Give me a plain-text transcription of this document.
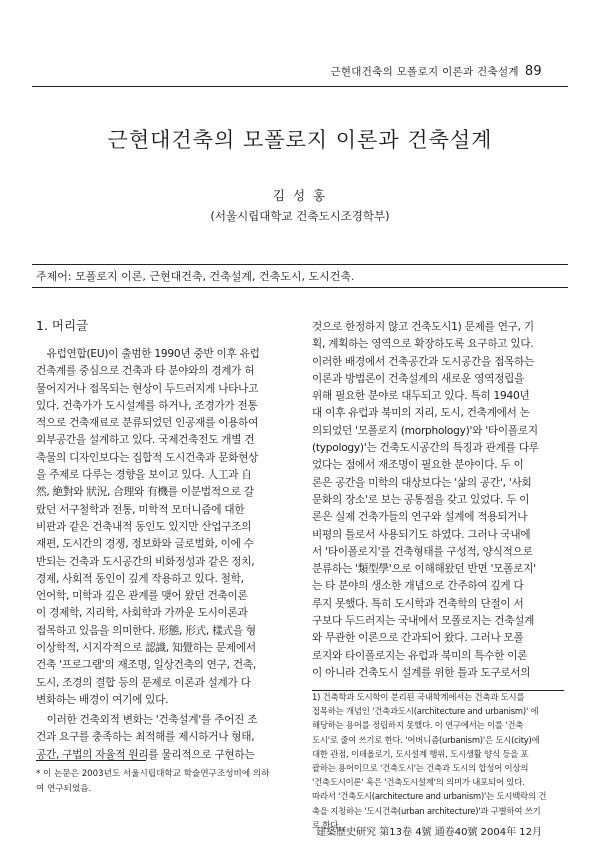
근현대건축의 모폴로지 이론과 건축설계 89
근현대건축의 모폴로지 이론과 건축설계
김 성 홍
(서울시립대학교 건축도시조경학부)
주제어: 모폴로지 이론, 근현대건축, 건축설계, 건축도시, 도시건축.
1. 머리글

유럽연합(EU)이 출범한 1990년 중반 이후 유럽

건축계를 중심으로 건축과 타 분야와의 경계가 허

물어지거나 접목되는 현상이 두드러지게 나타나고

있다. 건축가가 도시설계를 하거나, 조경가가 전통

적으로 건축재료로 분류되었던 인공재를 이용하여

외부공간을 설계하고 있다. 국제건축전도 개별 건

축물의 디자인보다는 집합적 도시건축과 문화현상

을 주제로 다루는 경향을 보이고 있다. 人工과 自

然, 絶對와 狀況, 合理와 有機를 이분법적으로 갈

랐던 서구철학과 전통, 미학적 모더니즘에 대한

비판과 같은 건축내적 동인도 있지만 산업구조의

재편, 도시간의 경쟁, 정보화와 글로벌화, 이에 수

반되는 건축과 도시공간의 비화정성과 같은 정치,

경제, 사회적 동인이 깊게 작용하고 있다. 철학,

언어학, 미학과 깊은 관계를 맺어 왔던 건축이론

이 경제학, 지리학, 사회학과 가까운 도시이론과

접목하고 있음을 의미한다. 形態, 形式, 樣式을 형

이상학적, 시지각적으로 認識, 知覺하는 문제에서

건축 '프로그램'의 재조명, 일상건축의 연구, 건축,

도시, 조경의 결합 등의 문제로 이론과 설계가 다

변화하는 배경이 여기에 있다.

이러한 건축외적 변화는 '건축설계'를 주어진 조

건과 요구를 충족하는 최적해를 제시하거나 형태,

공간, 구법의 자율적 원리를 물리적으로 구현하는

* 이 논문은 2003년도 서울시립대학교 학술연구조성비에 의하

여 연구되었음.

것으로 한정하지 않고 건축도시1) 문제를 연구, 기

획, 계획하는 영역으로 확장하도록 요구하고 있다.

이러한 배경에서 건축공간과 도시공간을 접목하는

이론과 방법론이 건축설계의 새로운 영역정립을

위해 필요한 분야로 대두되고 있다. 특히 1940년

대 이후 유럽과 북미의 지리, 도시, 건축계에서 논

의되었던 '모폴로지 (morphology)'와 '타이폴로지

(typology)'는 건축도시공간의 특징과 관계를 다루

었다는 점에서 재조명이 필요한 분야이다. 두 이

론은 공간을 미학의 대상보다는 '삶의 공간', '사회

문화의 장소'로 보는 공통점을 갖고 있었다. 두 이

론은 실제 건축가들의 연구와 설계에 적용되거나

비평의 틀로서 사용되기도 하였다. 그러나 국내에

서 '타이폴로지'를 건축형태를 구성적, 양식적으로

분류하는 '類型學'으로 이해해왔던 반면 '모폴로지'

는 타 분야의 생소한 개념으로 간주하여 깊게 다

루지 못했다. 특히 도시학과 건축학의 단절이 서

구보다 두드러지는 국내에서 모폴로지는 건축설계

와 무관한 이론으로 간과되어 왔다. 그러나 모폴

로지와 타이폴로지는 유럽과 북미의 특수한 이론

이 아니라 건축도시 설계를 위한 틀과 도구로서의

1) 건축학과 도시학이 분리된 국내학계에서는 건축과 도시를

접목하는 개념인 '건축과도시(architecture and urbanism)' 에

해당하는 용어를 정립하지 못했다. 이 연구에서는 이를 '건축

도시'로 줄여 쓰기로 한다. '어버니즘(urbanism)'은 도시(city)에

대한 관점, 이데올로기, 도시설계 행위, 도시생활 양식 등을 포

괄하는 용어이므로 '건축도시'는 건축과 도시의 합성어 이상의

'건축도시이론' 혹은 '건축도시설계'의 의미가 내포되어 있다.

따라서 '건축도시(architecture and urbanism)'는 도시백락의 건

축을 지칭하는 '도시건축(urban architecture)'과 구별하여 쓰기

로 한다.

建築歷史研究 第13卷 4號 通卷40號 2004年 12月
